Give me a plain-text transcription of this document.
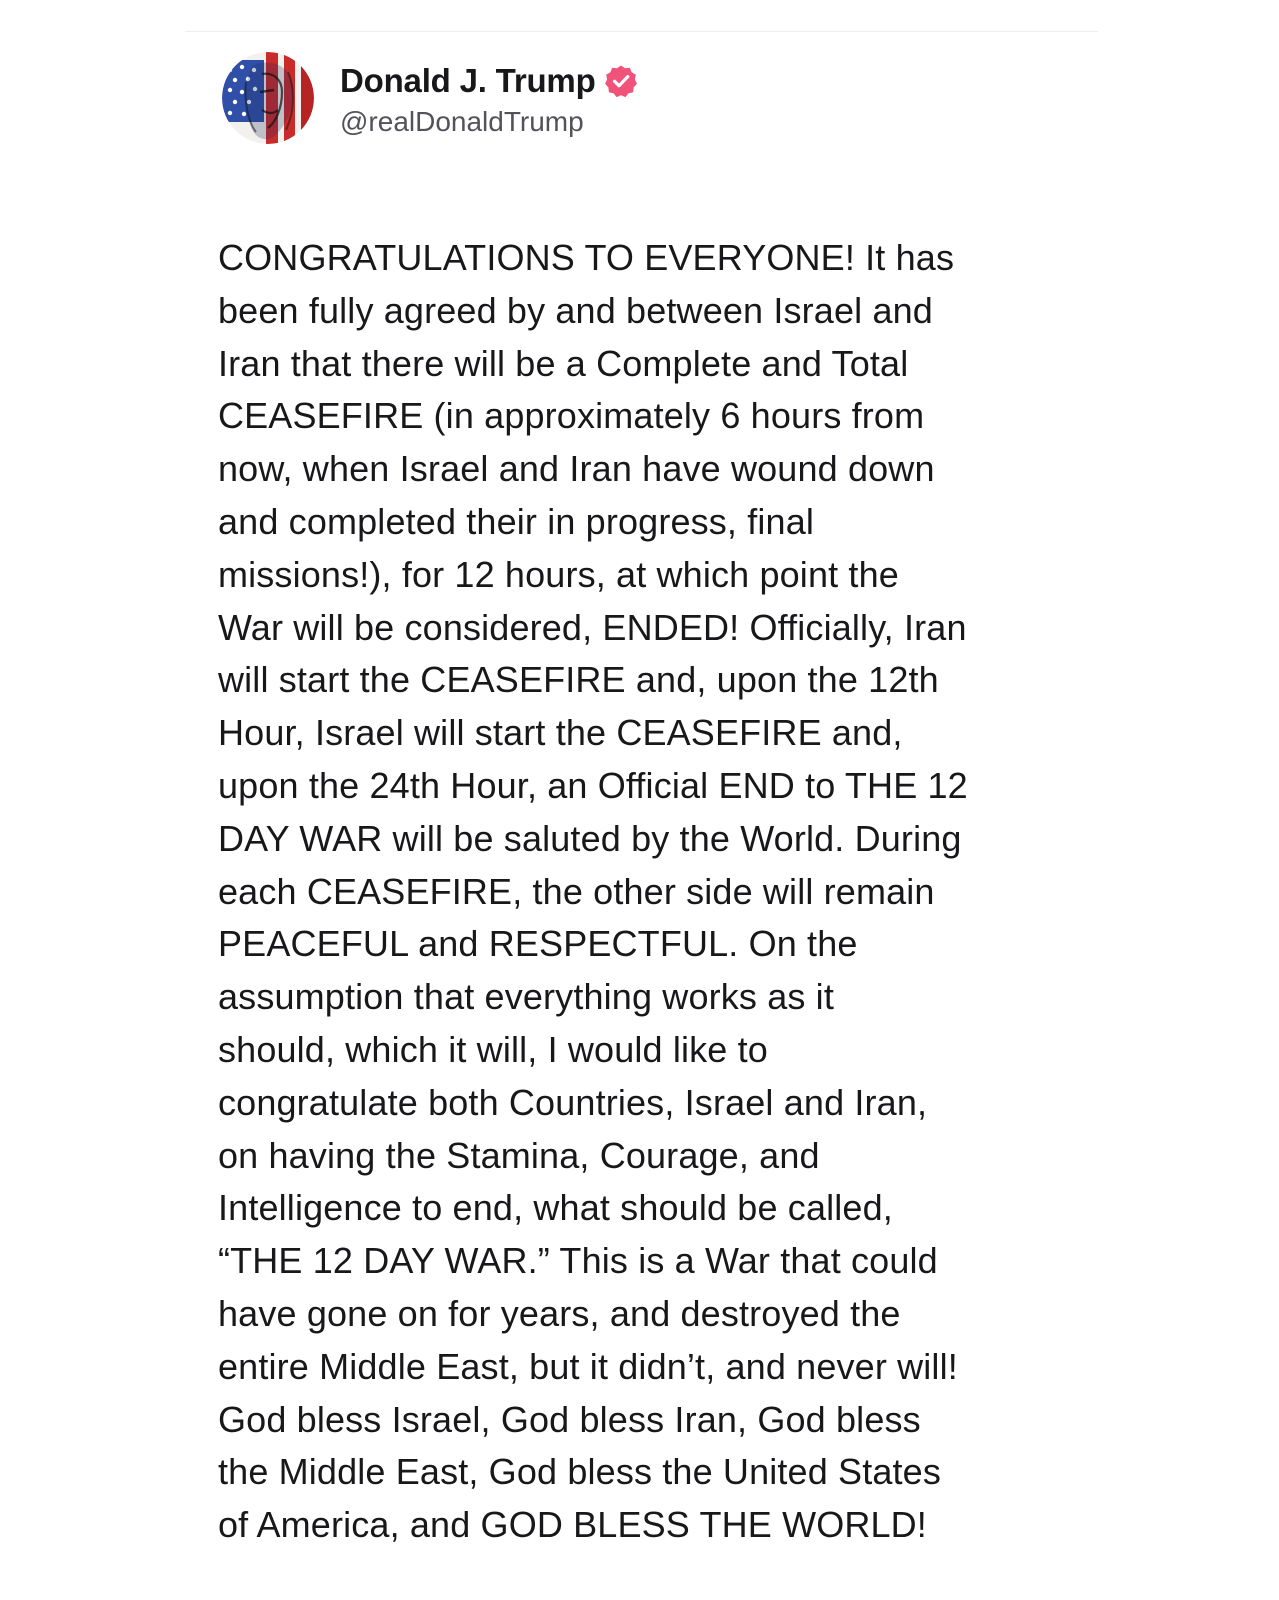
Donald J. Trump
@realDonaldTrump
CONGRATULATIONS TO EVERYONE! It has
been fully agreed by and between Israel and
Iran that there will be a Complete and Total
CEASEFIRE (in approximately 6 hours from
now, when Israel and Iran have wound down
and completed their in progress, final
missions!), for 12 hours, at which point the
War will be considered, ENDED! Officially, Iran
will start the CEASEFIRE and, upon the 12th
Hour, Israel will start the CEASEFIRE and,
upon the 24th Hour, an Official END to THE 12
DAY WAR will be saluted by the World. During
each CEASEFIRE, the other side will remain
PEACEFUL and RESPECTFUL. On the
assumption that everything works as it
should, which it will, I would like to
congratulate both Countries, Israel and Iran,
on having the Stamina, Courage, and
Intelligence to end, what should be called,
“THE 12 DAY WAR.” This is a War that could
have gone on for years, and destroyed the
entire Middle East, but it didn’t, and never will!
God bless Israel, God bless Iran, God bless
the Middle East, God bless the United States
of America, and GOD BLESS THE WORLD!
